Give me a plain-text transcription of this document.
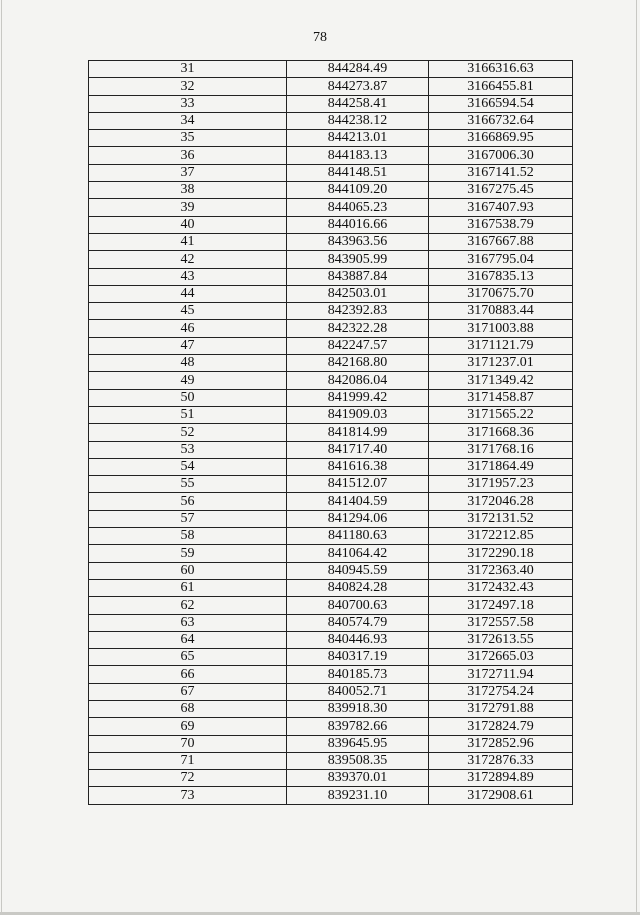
78
31	844284.49	3166316.63
32	844273.87	3166455.81
33	844258.41	3166594.54
34	844238.12	3166732.64
35	844213.01	3166869.95
36	844183.13	3167006.30
37	844148.51	3167141.52
38	844109.20	3167275.45
39	844065.23	3167407.93
40	844016.66	3167538.79
41	843963.56	3167667.88
42	843905.99	3167795.04
43	843887.84	3167835.13
44	842503.01	3170675.70
45	842392.83	3170883.44
46	842322.28	3171003.88
47	842247.57	3171121.79
48	842168.80	3171237.01
49	842086.04	3171349.42
50	841999.42	3171458.87
51	841909.03	3171565.22
52	841814.99	3171668.36
53	841717.40	3171768.16
54	841616.38	3171864.49
55	841512.07	3171957.23
56	841404.59	3172046.28
57	841294.06	3172131.52
58	841180.63	3172212.85
59	841064.42	3172290.18
60	840945.59	3172363.40
61	840824.28	3172432.43
62	840700.63	3172497.18
63	840574.79	3172557.58
64	840446.93	3172613.55
65	840317.19	3172665.03
66	840185.73	3172711.94
67	840052.71	3172754.24
68	839918.30	3172791.88
69	839782.66	3172824.79
70	839645.95	3172852.96
71	839508.35	3172876.33
72	839370.01	3172894.89
73	839231.10	3172908.61
